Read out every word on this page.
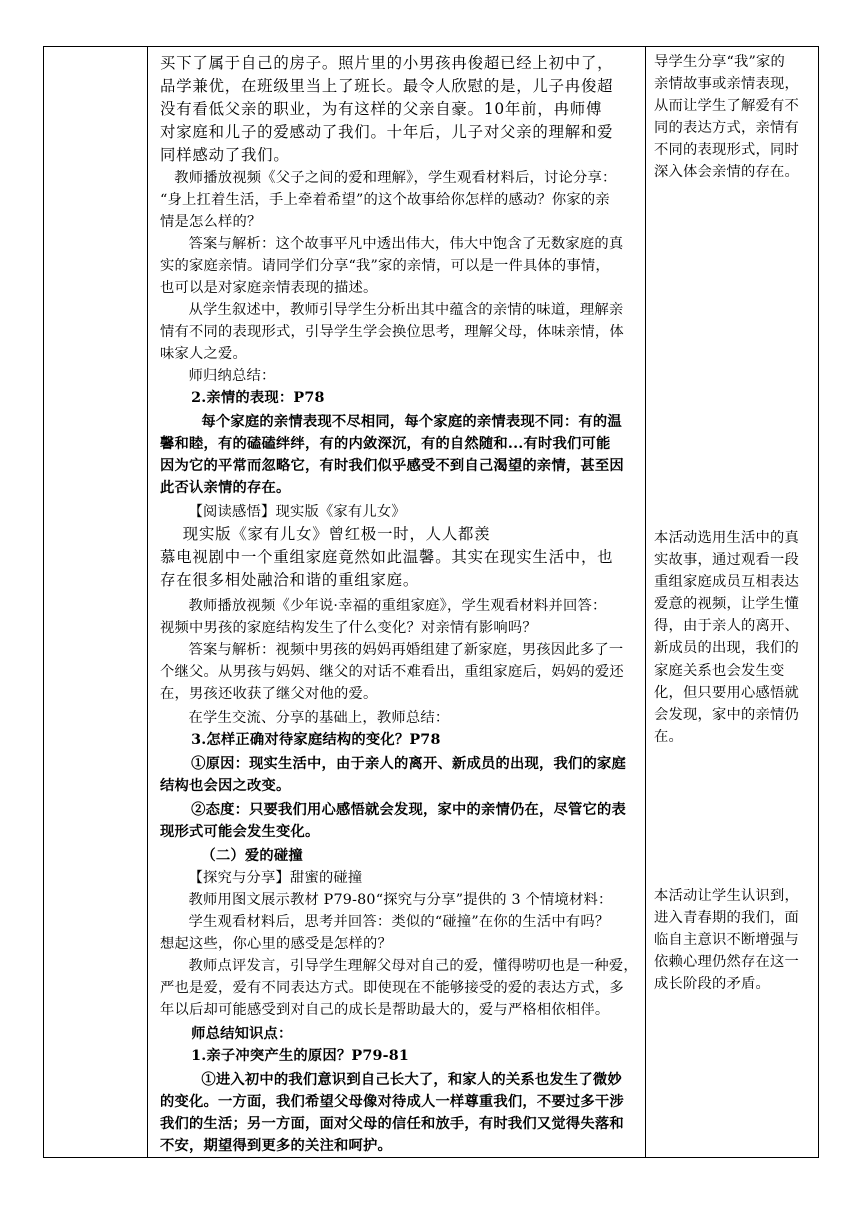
买下了属于自己的房子。照片里的小男孩冉俊超已经上初中了，
品学兼优，在班级里当上了班长。最令人欣慰的是，儿子冉俊超
没有看低父亲的职业，为有这样的父亲自豪。10年前，冉师傅
对家庭和儿子的爱感动了我们。十年后，儿子对父亲的理解和爱
同样感动了我们。
教师播放视频《父子之间的爱和理解》，学生观看材料后，讨论分享：
“身上扛着生活，手上牵着希望”的这个故事给你怎样的感动？你家的亲
情是怎么样的？
答案与解析：这个故事平凡中透出伟大，伟大中饱含了无数家庭的真
实的家庭亲情。请同学们分享“我”家的亲情，可以是一件具体的事情，
也可以是对家庭亲情表现的描述。
从学生叙述中，教师引导学生分析出其中蕴含的亲情的味道，理解亲
情有不同的表现形式，引导学生学会换位思考，理解父母，体味亲情，体
味家人之爱。
师归纳总结：
2.亲情的表现：P78
每个家庭的亲情表现不尽相同，每个家庭的亲情表现不同：有的温
馨和睦，有的磕磕绊绊，有的内敛深沉，有的自然随和...有时我们可能
因为它的平常而忽略它，有时我们似乎感受不到自己渴望的亲情，甚至因
此否认亲情的存在。
【阅读感悟】现实版《家有儿女》
现实版《家有儿女》曾红极一时，人人都羡
慕电视剧中一个重组家庭竟然如此温馨。其实在现实生活中，也
存在很多相处融洽和谐的重组家庭。
教师播放视频《少年说·幸福的重组家庭》，学生观看材料并回答：
视频中男孩的家庭结构发生了什么变化？对亲情有影响吗？
答案与解析：视频中男孩的妈妈再婚组建了新家庭，男孩因此多了一
个继父。从男孩与妈妈、继父的对话不难看出，重组家庭后，妈妈的爱还
在，男孩还收获了继父对他的爱。
在学生交流、分享的基础上，教师总结：
3.怎样正确对待家庭结构的变化？P78
①原因：现实生活中，由于亲人的离开、新成员的出现，我们的家庭
结构也会因之改变。
②态度：只要我们用心感悟就会发现，家中的亲情仍在，尽管它的表
现形式可能会发生变化。
（二）爱的碰撞
【探究与分享】甜蜜的碰撞
教师用图文展示教材 P79-80“探究与分享”提供的 3 个情境材料：
学生观看材料后，思考并回答：类似的“碰撞”在你的生活中有吗？
想起这些，你心里的感受是怎样的？
教师点评发言，引导学生理解父母对自己的爱，懂得唠叨也是一种爱，
严也是爱，爱有不同表达方式。即使现在不能够接受的爱的表达方式，多
年以后却可能感受到对自己的成长是帮助最大的，爱与严格相依相伴。
师总结知识点：
1.亲子冲突产生的原因？P79-81
①进入初中的我们意识到自己长大了，和家人的关系也发生了微妙
的变化。一方面，我们希望父母像对待成人一样尊重我们，不要过多干涉
我们的生活；另一方面，面对父母的信任和放手，有时我们又觉得失落和
不安，期望得到更多的关注和呵护。
导学生分享“我”家的
亲情故事或亲情表现，
从而让学生了解爱有不
同的表达方式，亲情有
不同的表现形式，同时
深入体会亲情的存在。
本活动选用生活中的真
实故事，通过观看一段
重组家庭成员互相表达
爱意的视频，让学生懂
得，由于亲人的离开、
新成员的出现，我们的
家庭关系也会发生变
化，但只要用心感悟就
会发现，家中的亲情仍
在。
本活动让学生认识到，
进入青春期的我们，面
临自主意识不断增强与
依赖心理仍然存在这一
成长阶段的矛盾。
